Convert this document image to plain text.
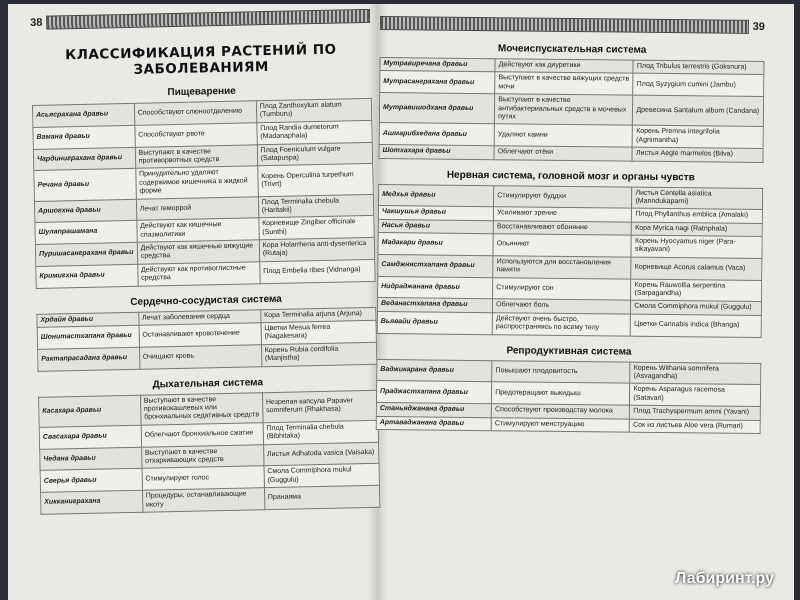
38
КЛАССИФИКАЦИЯ РАСТЕНИЙ ПО ЗАБОЛЕВАНИЯМ
Пищеварение
Асьясрахана дравьи	Способствуют слюноотделению	Плод Zanthoxylum alatum (Tumburu)
Вамана дравьи	Способствуют рвоте	Плод Randia dumetorum (Madanaphala)
Чардиниграхана дравьи	Выступают в качестве противорвотных средств	Плод Foeniculum vulgare (Satapuspa)
Речана дравьи	Принудительно удаляют содержимое кишечника в жидкой форме	Корень Operculina turpethum (Trivrt)
Аршогхна дравьи	Лечат геморрой	Плод Terminalia chebula (Haritakii)
Шулапрашамана	Действуют как кишечные спазмолитики	Корневище Zingiber officinale (Sunthi)
Пуришасанграхана дравьи	Действуют как кишечные вяжущие средства	Кора Holarrhena anti-dysenterica (Rutaja)
Кримигхна дравьи	Действуют как противоглистные средства	Плод Embelia ribes (Vidnanga)
Сердечно-сосудистая система
Хрдайя дравьи	Лечат заболевания сердца	Кора Terminalia arjuna (Arjuna)
Шонитастхапана дравьи	Останавливают кровотечение	Цветки Mesua ferrea (Nagakesara)
Рактапрасадана дравьи	Очищают кровь	Корень Rubia cordifolia (Manjistha)
Дыхательная система
Касахара дравьи	Выступают в качестве противокашлевых или бронхиальных седативных средств	Незрелая капсула Papaver somniferum (Rhakhasa)
Свасахара дравьи	Облегчают бронхиальное сжатие	Плод Terminalia chebula (Bibhitaka)
Чедана дравьи	Выступают в качестве отхаркивающих средств	Листья Adhatoda vasica (Vaisaka)
Сверья дравьи	Стимулируют голос	Смола Commiphora mukul (Guggulu)
Хикканиграхана	Процедуры, останавливающие икоту	Пранаяма
39
Мочеиспускательная система
Мутравиречана дравьи	Действуют как диуретики	Плод Tribulus terrestris (Goksnura)
Мутрасанграхана дравьи	Выступают в качестве вяжущих средств мочи	Плод Syzygium cumini (Jambu)
Мутравишодхана дравьи	Выступают в качестве антибактериальных средств в мочевых путях	Древесина Santalum album (Candana)
Ашмарибхедана дравьи	Удаляют камни	Корень Premna integrifolia (Agnimantha)
Шотхахара дравьи	Облегчают отёки	Листья Aegle marmelos (Bilva)
Нервная система, головной мозг и органы чувств
Медхья дравьи	Стимулируют буддхи	Листья Centella asiatica (Manndukaparni)
Чакшушья дравьи	Усиливают зрение	Плод Phyllanthus emblica (Amalaki)
Насья дравьи	Восстанавливают обоняние	Кора Myrica nagi (Ratnphala)
Мадакари дравьи	Опьяняют	Корень Hyocyamus niger (Para-sikayavani)
Самджнястхапана дравьи	Используются для восстановления памяти	Корневище Acorus calamus (Vaca)
Нидраджанана дравьи	Стимулируют сон	Корень Rauwolfia serpentina (Sarpagandha)
Веданастхапана дравьи	Облегчают боль	Смола Commiphora mukul (Guggulu)
Вьявайи дравьи	Действуют очень быстро, распространяясь по всему телу	Цветки Cannabis indica (Bhanga)
Репродуктивная система
Ваджикарана дравьи	Повышают плодовитость	Корень Withania somnifera (Asvagandha)
Праджастхапана дравьи	Предотвращают выкидыш	Корень Asparagus racemosa (Satavari)
Станьяджанана дравьи	Способствуют производству молока	Плод Trachyspermum ammi (Yavani)
Артаваджанана дравьи	Стимулируют менструацию	Сок из листьев Aloe vera (Rumari)
Лабиринт.ру
